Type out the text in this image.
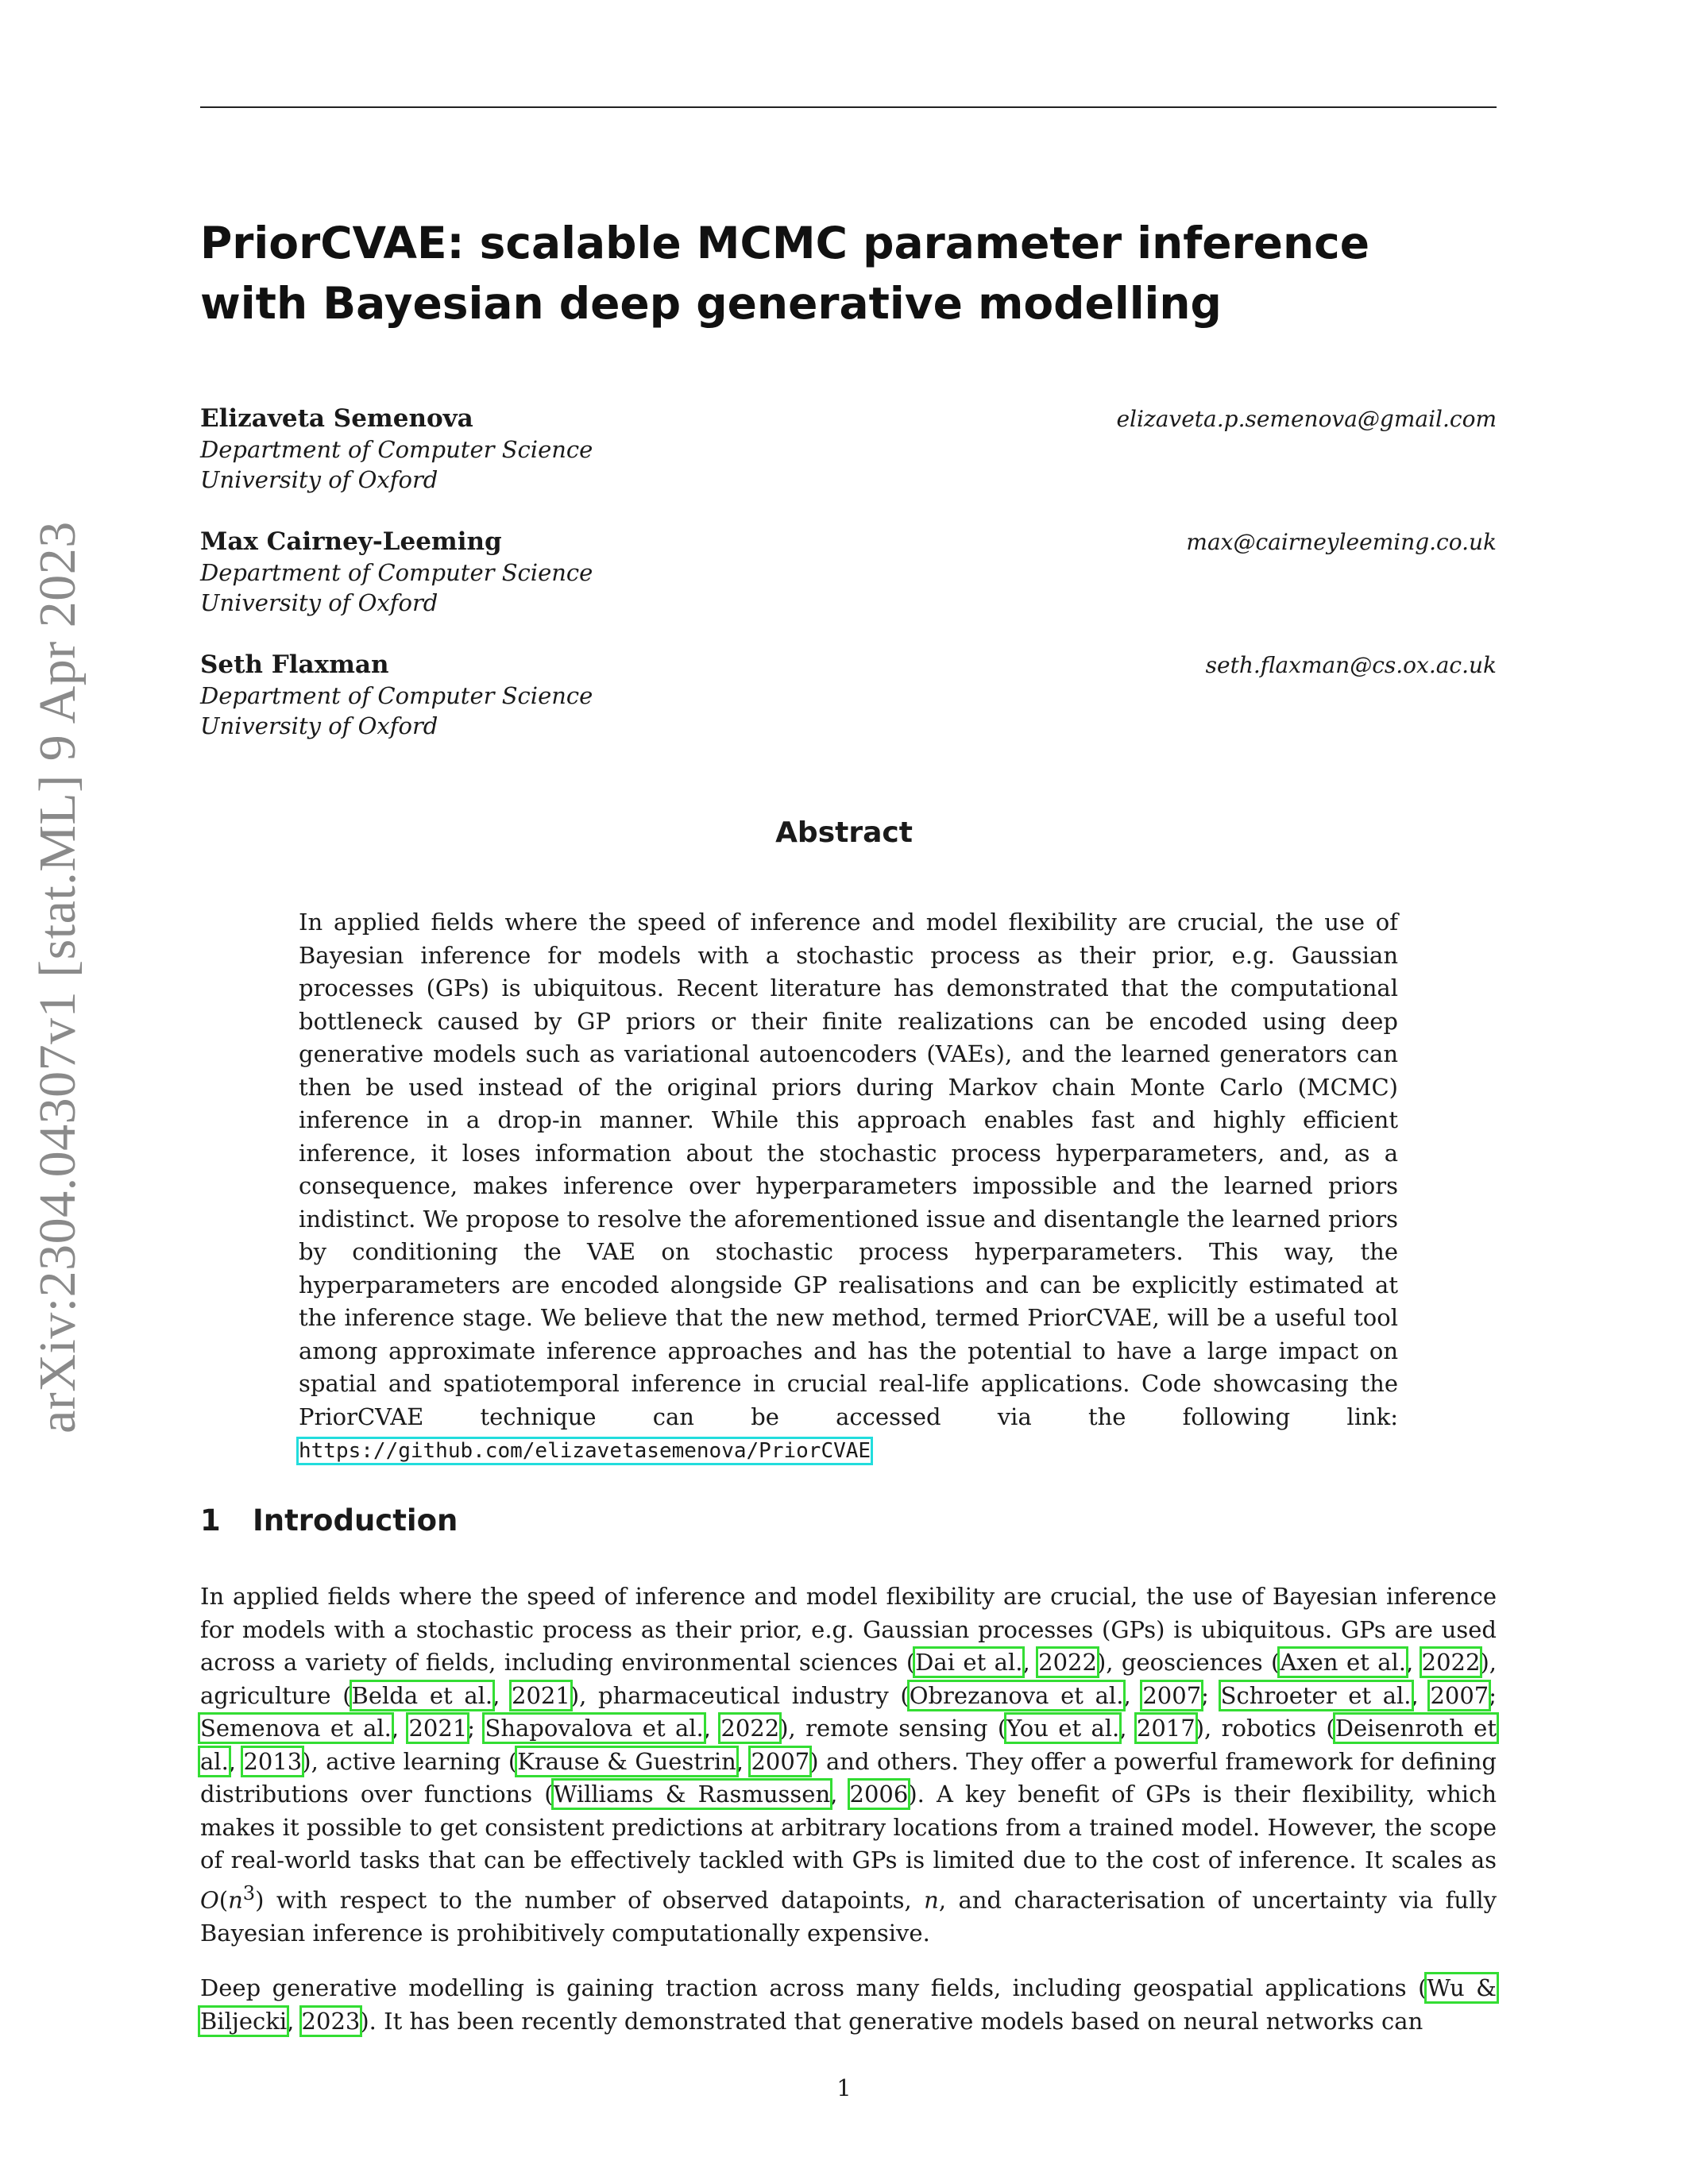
arXiv:2304.04307v1 [stat.ML] 9 Apr 2023
PriorCVAE: scalable MCMC parameter inference
with Bayesian deep generative modelling
Elizaveta Semenova
Department of Computer Science
University of Oxford
elizaveta.p.semenova@gmail.com
Max Cairney-Leeming
Department of Computer Science
University of Oxford
max@cairneyleeming.co.uk
Seth Flaxman
Department of Computer Science
University of Oxford
seth.flaxman@cs.ox.ac.uk
Abstract
In applied fields where the speed of inference and model flexibility are crucial, the use of Bayesian inference for models with a stochastic process as their prior, e.g. Gaussian processes (GPs) is ubiquitous. Recent literature has demonstrated that the computational bottleneck caused by GP priors or their finite realizations can be encoded using deep generative models such as variational autoencoders (VAEs), and the learned generators can then be used instead of the original priors during Markov chain Monte Carlo (MCMC) inference in a drop-in manner. While this approach enables fast and highly efficient inference, it loses information about the stochastic process hyperparameters, and, as a consequence, makes inference over hyperparameters impossible and the learned priors indistinct. We propose to resolve the aforementioned issue and disentangle the learned priors by conditioning the VAE on stochastic process hyperparameters. This way, the hyperparameters are encoded alongside GP realisations and can be explicitly estimated at the inference stage. We believe that the new method, termed PriorCVAE, will be a useful tool among approximate inference approaches and has the potential to have a large impact on spatial and spatiotemporal inference in crucial real-life applications. Code showcasing the PriorCVAE technique can be accessed via the following link: https://github.com/elizavetasemenova/PriorCVAE
1 Introduction
In applied fields where the speed of inference and model flexibility are crucial, the use of Bayesian inference for models with a stochastic process as their prior, e.g. Gaussian processes (GPs) is ubiquitous. GPs are used across a variety of fields, including environmental sciences (Dai et al., 2022), geosciences (Axen et al., 2022), agriculture (Belda et al., 2021), pharmaceutical industry (Obrezanova et al., 2007; Schroeter et al., 2007; Semenova et al., 2021; Shapovalova et al., 2022), remote sensing (You et al., 2017), robotics (Deisenroth et al., 2013), active learning (Krause & Guestrin, 2007) and others. They offer a powerful framework for defining distributions over functions (Williams & Rasmussen, 2006). A key benefit of GPs is their flexibility, which makes it possible to get consistent predictions at arbitrary locations from a trained model. However, the scope of real-world tasks that can be effectively tackled with GPs is limited due to the cost of inference. It scales as $O(n^3)$ with respect to the number of observed datapoints, n, and characterisation of uncertainty via fully Bayesian inference is prohibitively computationally expensive.
Deep generative modelling is gaining traction across many fields, including geospatial applications (Wu & Biljecki, 2023). It has been recently demonstrated that generative models based on neural networks can
1
